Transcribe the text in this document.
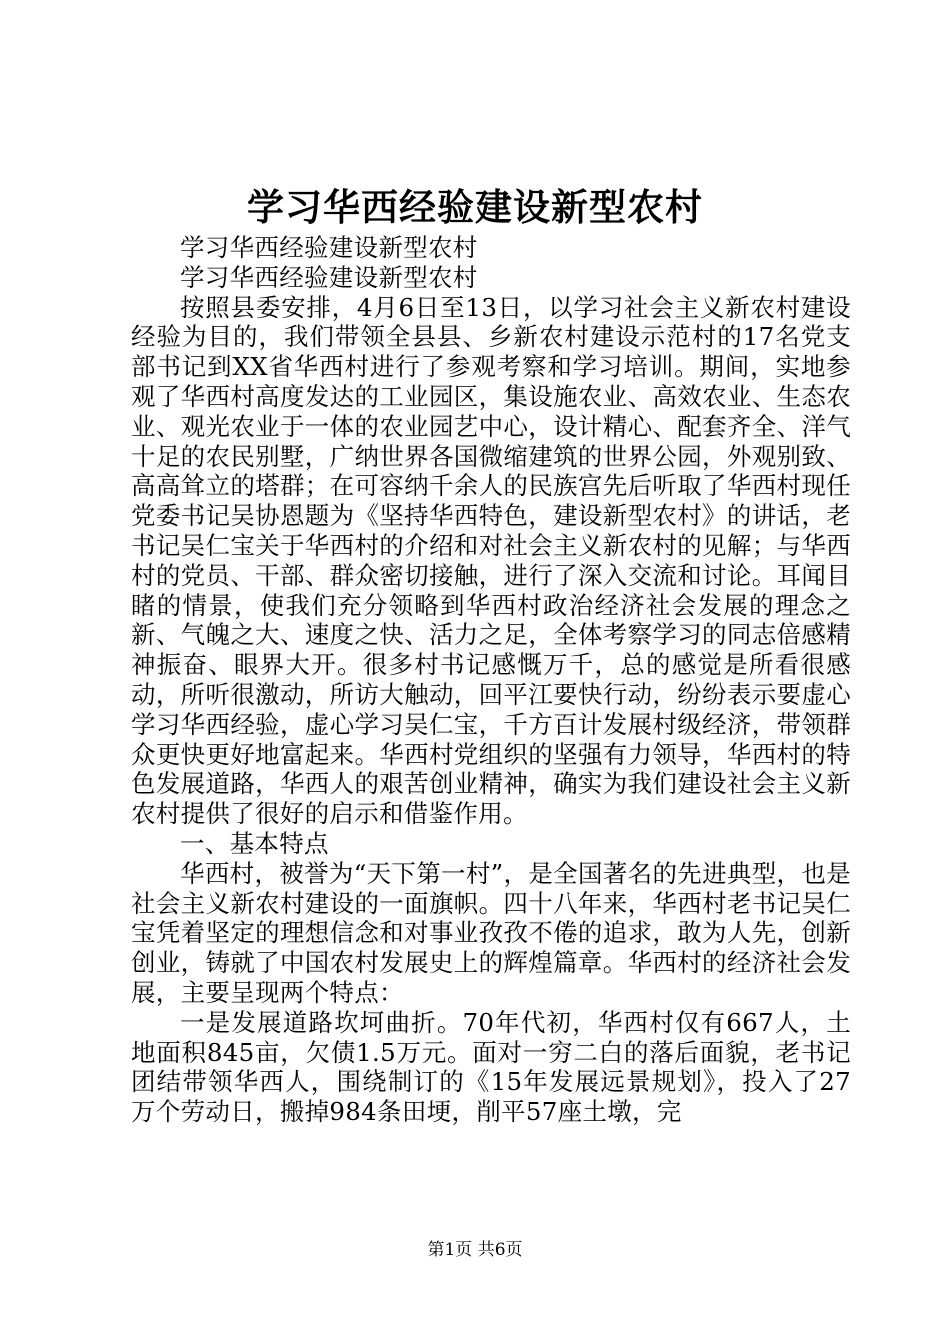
学习华西经验建设新型农村

学习华西经验建设新型农村

学习华西经验建设新型农村

按照县委安排，4月6日至13日，以学习社会主义新农村建设经验为目的，我们带领全县县、乡新农村建设示范村的17名党支部书记到XX省华西村进行了参观考察和学习培训。期间，实地参观了华西村高度发达的工业园区，集设施农业、高效农业、生态农业、观光农业于一体的农业园艺中心，设计精心、配套齐全、洋气十足的农民别墅，广纳世界各国微缩建筑的世界公园，外观别致、高高耸立的塔群；在可容纳千余人的民族宫先后听取了华西村现任党委书记吴协恩题为《坚持华西特色，建设新型农村》的讲话，老书记吴仁宝关于华西村的介绍和对社会主义新农村的见解；与华西村的党员、干部、群众密切接触，进行了深入交流和讨论。耳闻目睹的情景，使我们充分领略到华西村政治经济社会发展的理念之新、气魄之大、速度之快、活力之足，全体考察学习的同志倍感精神振奋、眼界大开。很多村书记感慨万千，总的感觉是所看很感动，所听很激动，所访大触动，回平江要快行动，纷纷表示要虚心学习华西经验，虚心学习吴仁宝，千方百计发展村级经济，带领群众更快更好地富起来。华西村党组织的坚强有力领导，华西村的特色发展道路，华西人的艰苦创业精神，确实为我们建设社会主义新农村提供了很好的启示和借鉴作用。

一、基本特点

华西村，被誉为“天下第一村”，是全国著名的先进典型，也是社会主义新农村建设的一面旗帜。四十八年来，华西村老书记吴仁宝凭着坚定的理想信念和对事业孜孜不倦的追求，敢为人先，创新创业，铸就了中国农村发展史上的辉煌篇章。华西村的经济社会发展，主要呈现两个特点：

一是发展道路坎坷曲折。70年代初，华西村仅有667人，土地面积845亩，欠债1.5万元。面对一穷二白的落后面貌，老书记团结带领华西人，围绕制订的《15年发展远景规划》，投入了27万个劳动日，搬掉984条田埂，削平57座土墩，完

第1页 共6页
